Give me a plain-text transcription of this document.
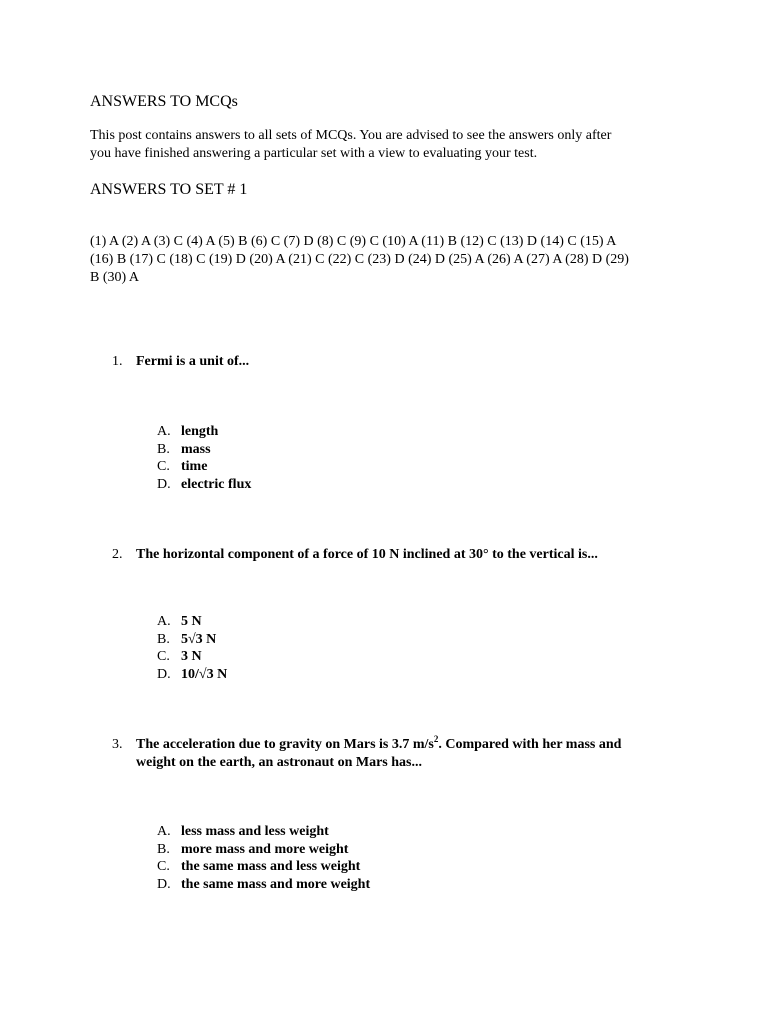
ANSWERS TO MCQs
This post contains answers to all sets of MCQs. You are advised to see the answers only after
you have finished answering a particular set with a view to evaluating your test.
ANSWERS TO SET # 1
(1) A (2) A (3) C (4) A (5) B (6) C (7) D (8) C (9) C (10) A (11) B (12) C (13) D (14) C (15) A
(16) B (17) C (18) C (19) D (20) A (21) C (22) C (23) D (24) D (25) A (26) A (27) A (28) D (29)
B (30) A
1. Fermi is a unit of...
A. length
B. mass
C. time
D. electric flux
2. The horizontal component of a force of 10 N inclined at 30° to the vertical is...
A. 5 N
B. 5√3 N
C. 3 N
D. 10/√3 N
3. The acceleration due to gravity on Mars is 3.7 $m/s^2$. Compared with her mass and
weight on the earth, an astronaut on Mars has...
A. less mass and less weight
B. more mass and more weight
C. the same mass and less weight
D. the same mass and more weight
